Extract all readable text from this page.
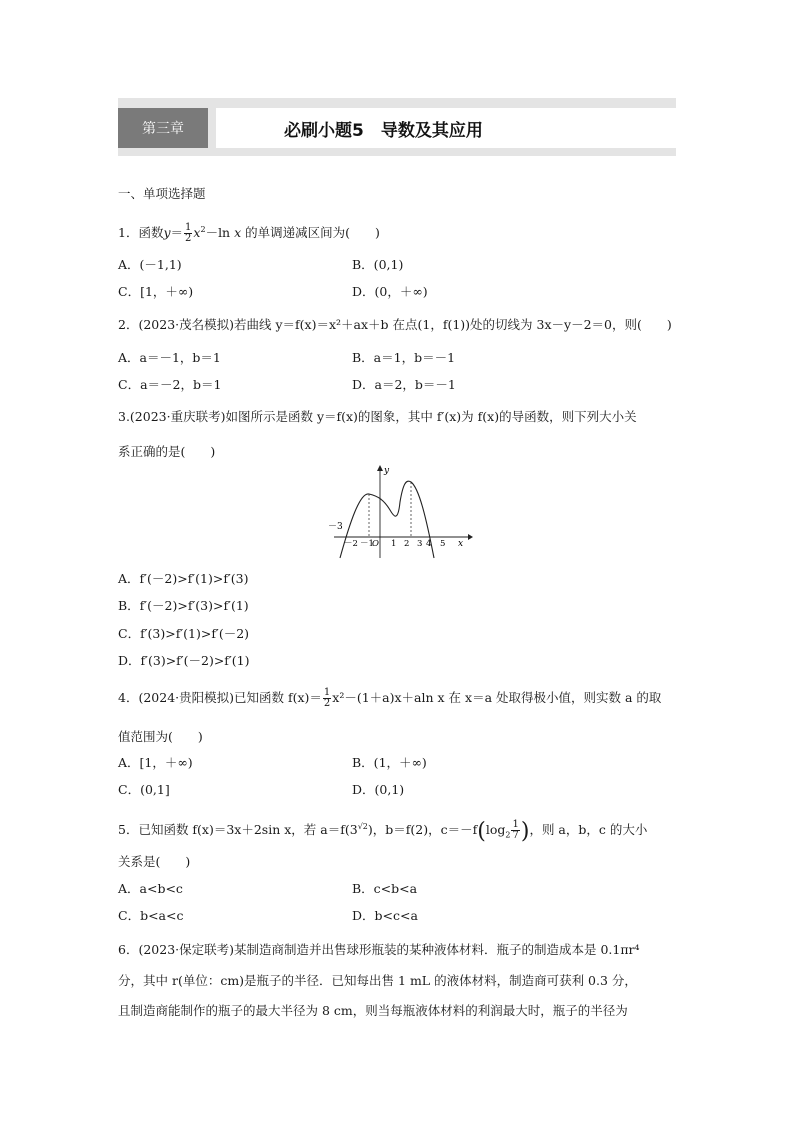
第三章	必刷小题5　导数及其应用
一、单项选择题
1．函数$y= \frac{1}{2} x^2-\ln$ x 的单调递减区间为(　　)
A．(－1,1)	B．(0,1)
C．[1，＋∞)	D．(0，＋∞)
2．(2023·茂名模拟)若曲线 y＝f(x)＝x²＋ax＋b 在点(1，f(1))处的切线为 3x－y－2＝0，则(　　)
A．a＝－1，b＝1	B．a＝1，b＝－1
C．a＝－2，b＝1	D．a＝2，b＝－1
3.(2023·重庆联考)如图所示是函数 y＝f(x)的图象，其中 f′(x)为 f(x)的导函数，则下列大小关
系正确的是(　　)
y
x
－3
O
－2 －1 1 2 3 4 5
A．f′(－2)>f′(1)>f′(3)
B．f′(－2)>f′(3)>f′(1)
C．f′(3)>f′(1)>f′(－2)
D．f′(3)>f′(－2)>f′(1)
4．(2024·贵阳模拟)已知函数 $f(x)= \frac{1}{2} x^2-(1+a)x+aln$ x 在 x＝a 处取得极小值，则实数 a 的取
值范围为(　　)
A．[1，＋∞)	B．(1，＋∞)
C．(0,1]	D．(0,1)
5．已知函数 f(x)＝3x＋2sin x，若 $a=f(3^{√2})$，b＝f(2)，$c=-f(\log_2 \frac{1}{7}$ )，则 a，b，c 的大小
关系是(　　)
A．a<b<c	B．c<b<a
C．b<a<c	D．b<c<a
6．(2023·保定联考)某制造商制造并出售球形瓶装的某种液体材料．瓶子的制造成本是 0.1πr⁴
分，其中 r(单位：cm)是瓶子的半径．已知每出售 1 mL 的液体材料，制造商可获利 0.3 分，
且制造商能制作的瓶子的最大半径为 8 cm，则当每瓶液体材料的利润最大时，瓶子的半径为
